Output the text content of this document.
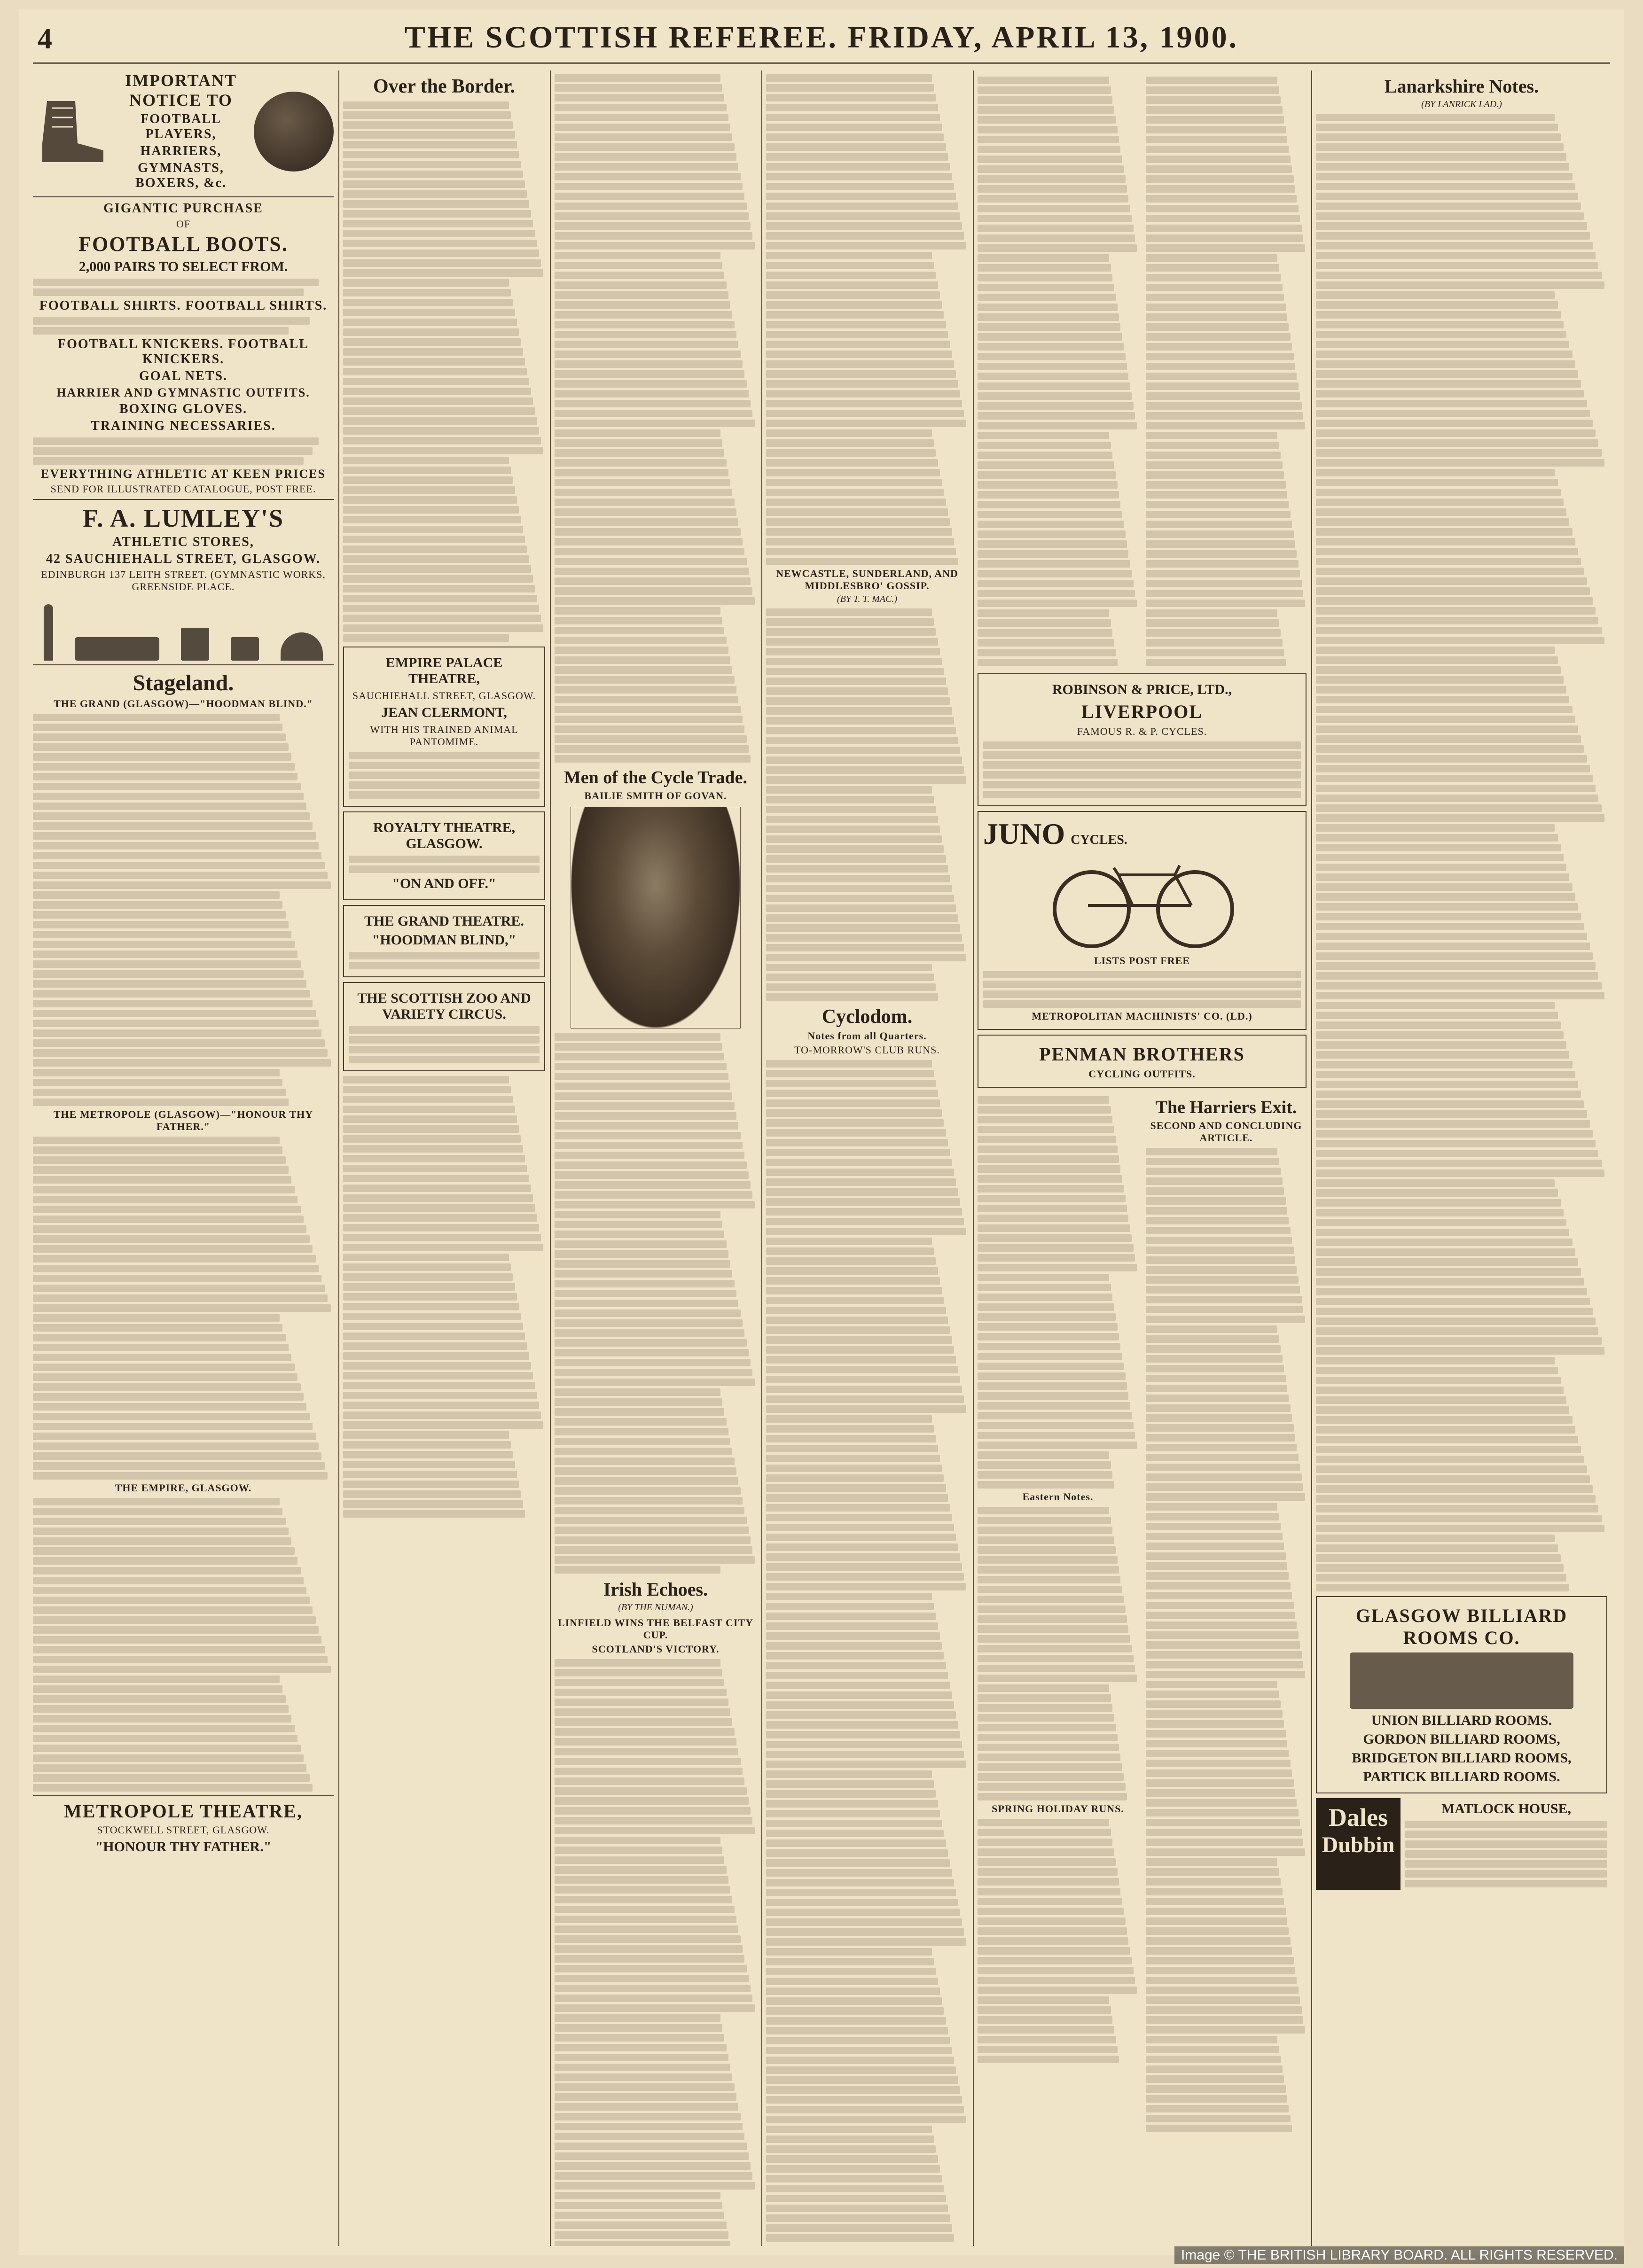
4	THE SCOTTISH REFEREE. FRIDAY, APRIL 13, 1900.
IMPORTANT NOTICE TO
FOOTBALL PLAYERS,
HARRIERS,
GYMNASTS, BOXERS, &c.
GIGANTIC PURCHASE
OF
FOOTBALL BOOTS.
2,000 PAIRS TO SELECT FROM.
FOOTBALL SHIRTS. FOOTBALL SHIRTS.
FOOTBALL KNICKERS. FOOTBALL KNICKERS.
GOAL NETS.
HARRIER AND GYMNASTIC OUTFITS.
BOXING GLOVES.
TRAINING NECESSARIES.
EVERYTHING ATHLETIC AT KEEN PRICES
SEND FOR ILLUSTRATED CATALOGUE, POST FREE.
F. A. LUMLEY'S
ATHLETIC STORES,
42 SAUCHIEHALL STREET, GLASGOW.
EDINBURGH 137 LEITH STREET. (GYMNASTIC WORKS, GREENSIDE PLACE.
Stageland.
THE GRAND (GLASGOW)—"HOODMAN BLIND."
THE METROPOLE (GLASGOW)—"HONOUR THY FATHER."
THE EMPIRE, GLASGOW.
METROPOLE THEATRE,
STOCKWELL STREET, GLASGOW.
"HONOUR THY FATHER."
Over the Border.
EMPIRE PALACE THEATRE,
SAUCHIEHALL STREET, GLASGOW.
JEAN CLERMONT,
WITH HIS TRAINED ANIMAL PANTOMIME.
ROYALTY THEATRE, GLASGOW.
"ON AND OFF."
THE GRAND THEATRE.
"HOODMAN BLIND,"
THE SCOTTISH ZOO AND VARIETY CIRCUS.
Men of the Cycle Trade.
BAILIE SMITH OF GOVAN.
Irish Echoes.
(BY THE NUMAN.)
LINFIELD WINS THE BELFAST CITY CUP.
SCOTLAND'S VICTORY.
NEWCASTLE, SUNDERLAND, AND MIDDLESBRO' GOSSIP.
(BY T. T. MAC.)
Cyclodom.
Notes from all Quarters.
TO-MORROW'S CLUB RUNS.
ROBINSON & PRICE, LTD.,
LIVERPOOL
FAMOUS R. & P. CYCLES.
JUNO CYCLES.
LISTS POST FREE
METROPOLITAN MACHINISTS' CO. (LD.)
PENMAN BROTHERS
CYCLING OUTFITS.
Eastern Notes.
SPRING HOLIDAY RUNS.
The Harriers Exit.
SECOND AND CONCLUDING ARTICLE.
Lanarkshire Notes.
(BY LANRICK LAD.)
GLASGOW BILLIARD ROOMS CO.
UNION BILLIARD ROOMS.
GORDON BILLIARD ROOMS,
BRIDGETON BILLIARD ROOMS,
PARTICK BILLIARD ROOMS.
Dales
Dubbin
MATLOCK HOUSE,
Image © THE BRITISH LIBRARY BOARD. ALL RIGHTS RESERVED.
